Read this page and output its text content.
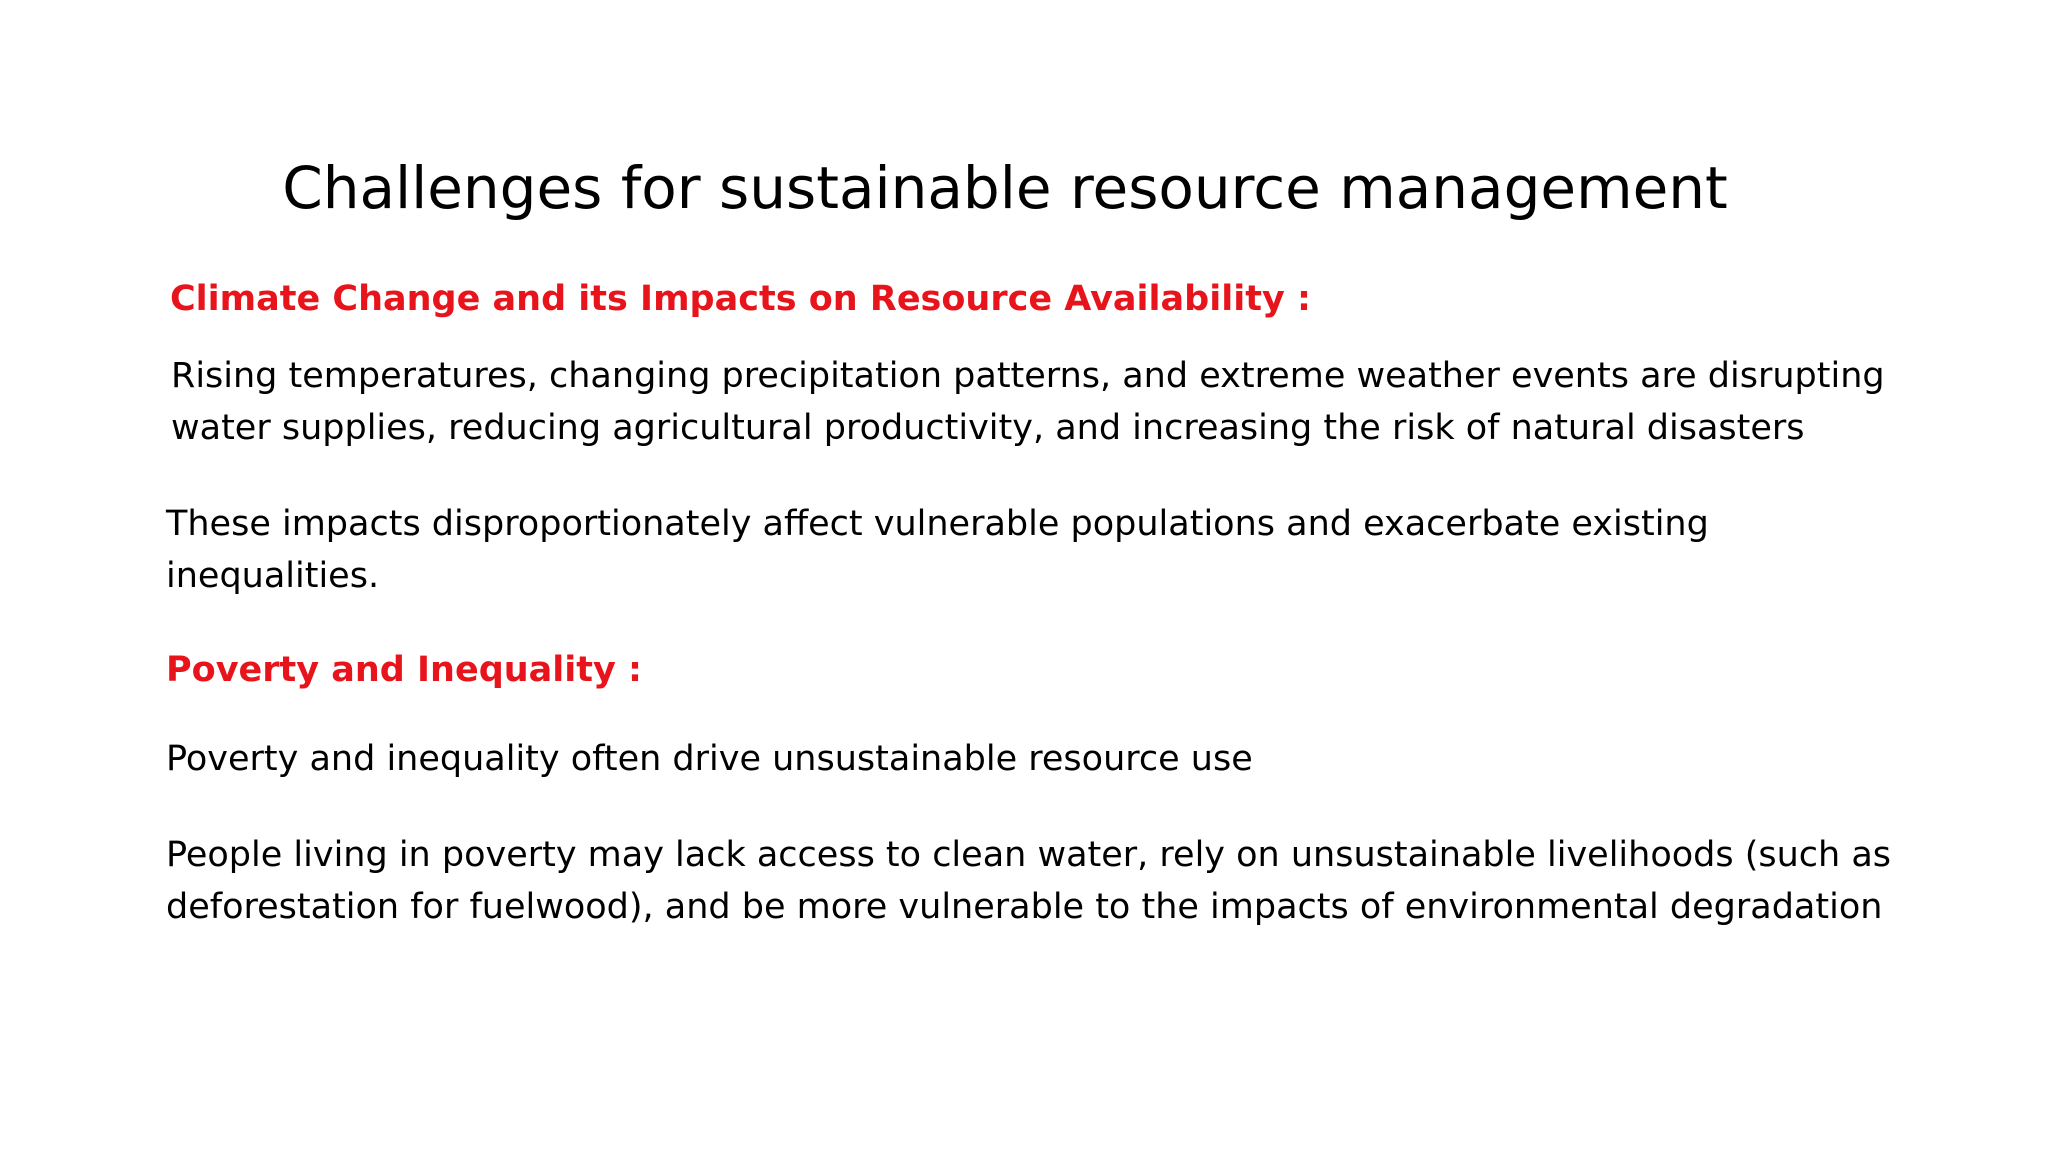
Challenges for sustainable resource management
Climate Change and its Impacts on Resource Availability :
Rising temperatures, changing precipitation patterns, and extreme weather events are disrupting
water supplies, reducing agricultural productivity, and increasing the risk of natural disasters
These impacts disproportionately affect vulnerable populations and exacerbate existing
inequalities.
Poverty and Inequality :
Poverty and inequality often drive unsustainable resource use
People living in poverty may lack access to clean water, rely on unsustainable livelihoods (such as
deforestation for fuelwood), and be more vulnerable to the impacts of environmental degradation
